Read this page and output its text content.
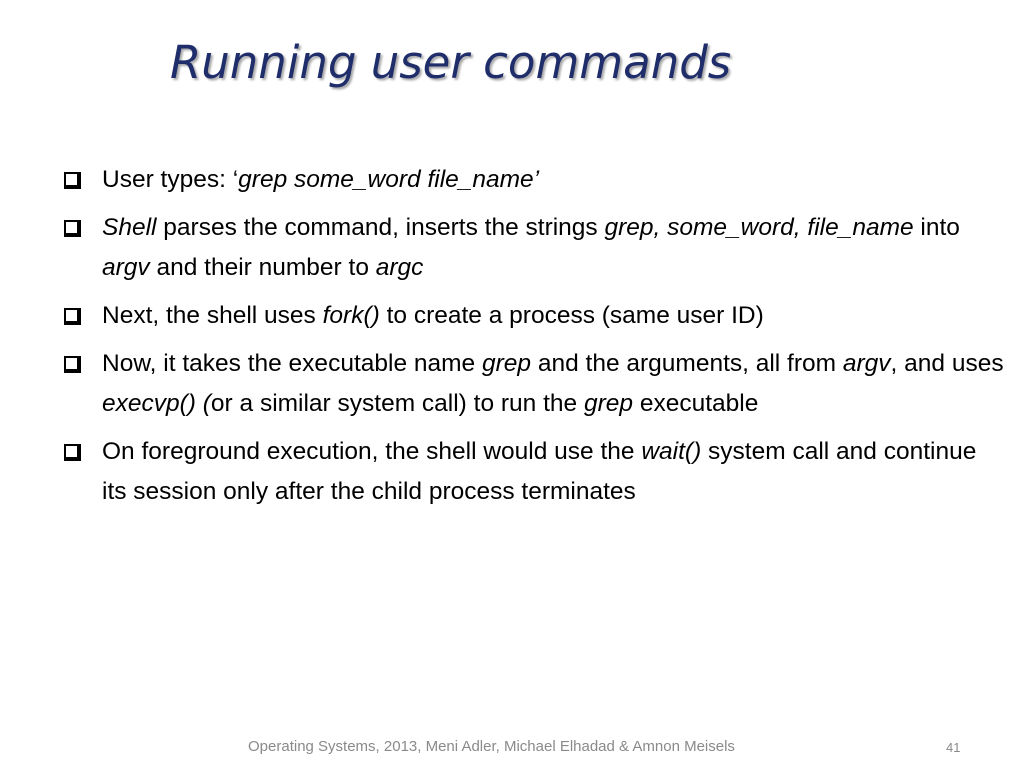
Running user commands
User types: ‘grep some_word file_name’
Shell parses the command, inserts the strings grep, some_word, file_name into argv and their number to argc
Next, the shell uses fork() to create a process (same user ID)
Now, it takes the executable name grep and the arguments, all from argv, and uses execvp() (or a similar system call) to run the grep executable
On foreground execution, the shell would use the wait() system call and continue its session only after the child process terminates
Operating Systems, 2013, Meni Adler, Michael Elhadad & Amnon Meisels	41
